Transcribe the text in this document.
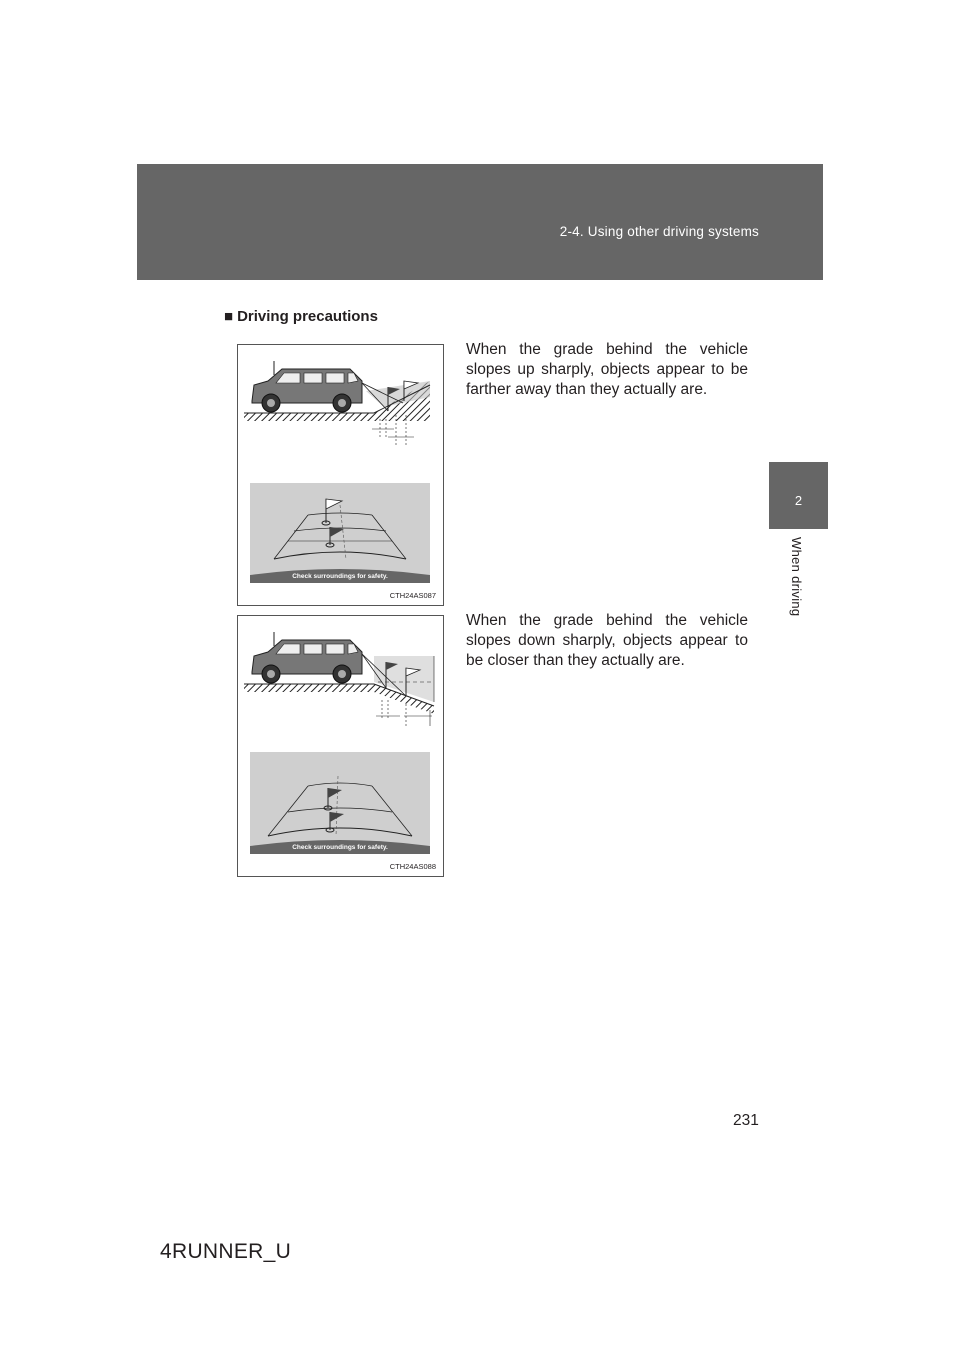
2-4. Using other driving systems
2
When driving
■ Driving precautions
Check surroundings for safety.
CTH24AS087
When the grade behind the vehicle slopes up sharply, objects appear to be farther away than they actually are.
Check surroundings for safety.
CTH24AS088
When the grade behind the vehicle slopes down sharply, objects appear to be closer than they actually are.
231
4RUNNER_U
